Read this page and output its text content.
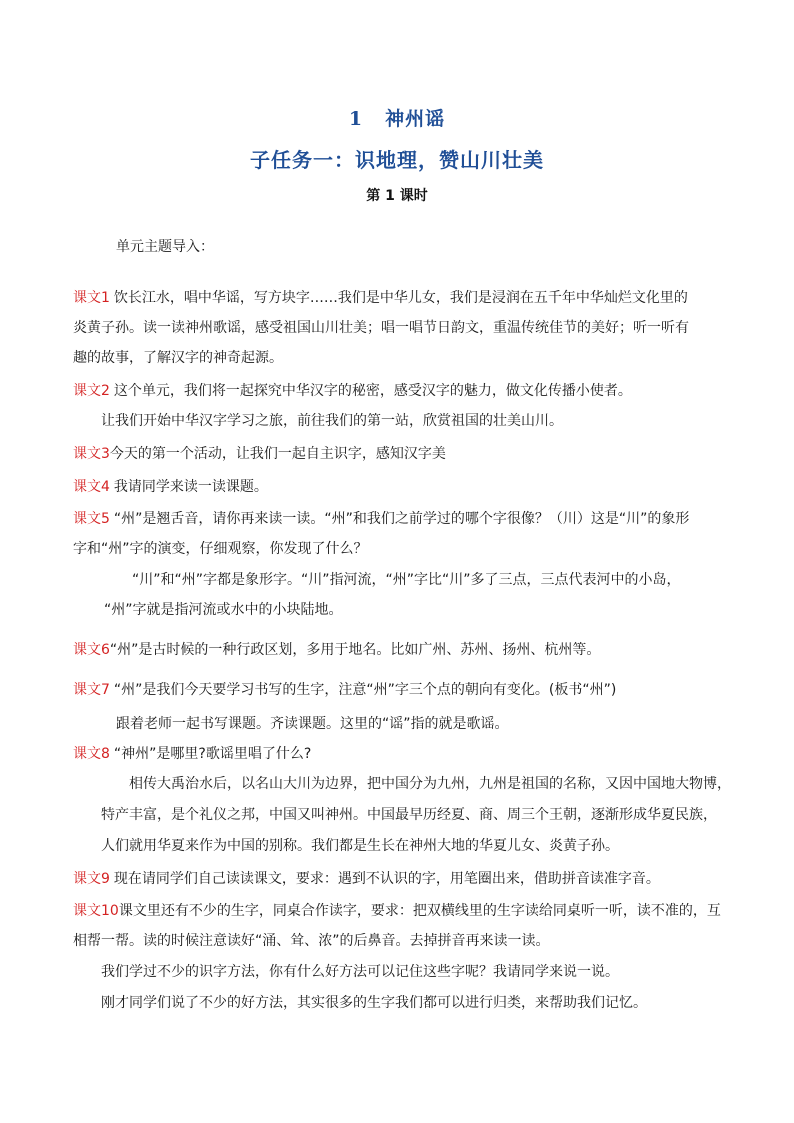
1 神州谣
子任务一：识地理，赞山川壮美
第 1 课时
单元主题导入：
课文1 饮长江水，唱中华谣，写方块字……我们是中华儿女，我们是浸润在五千年中华灿烂文化里的
炎黄子孙。读一读神州歌谣，感受祖国山川壮美；唱一唱节日韵文，重温传统佳节的美好；听一听有
趣的故事，了解汉字的神奇起源。
课文2 这个单元，我们将一起探究中华汉字的秘密，感受汉字的魅力，做文化传播小使者。
让我们开始中华汉字学习之旅，前往我们的第一站，欣赏祖国的壮美山川。
课文3今天的第一个活动，让我们一起自主识字，感知汉字美
课文4 我请同学来读一读课题。
课文5 “州”是翘舌音，请你再来读一读。“州”和我们之前学过的哪个字很像？（川）这是“川”的象形
字和“州”字的演变，仔细观察，你发现了什么？
“川”和“州”字都是象形字。“川”指河流，“州”字比“川”多了三点，三点代表河中的小岛，
“州”字就是指河流或水中的小块陆地。
课文6“州”是古时候的一种行政区划，多用于地名。比如广州、苏州、扬州、杭州等。
课文7 “州”是我们今天要学习书写的生字，注意“州”字三个点的朝向有变化。(板书“州”)
跟着老师一起书写课题。齐读课题。这里的“谣”指的就是歌谣。
课文8 “神州”是哪里?歌谣里唱了什么?
相传大禹治水后，以名山大川为边界，把中国分为九州，九州是祖国的名称，又因中国地大物博，
特产丰富，是个礼仪之邦，中国又叫神州。中国最早历经夏、商、周三个王朝，逐渐形成华夏民族，
人们就用华夏来作为中国的别称。我们都是生长在神州大地的华夏儿女、炎黄子孙。
课文9 现在请同学们自己读读课文，要求：遇到不认识的字，用笔圈出来，借助拼音读准字音。
课文10课文里还有不少的生字，同桌合作读字，要求：把双横线里的生字读给同桌听一听，读不准的，互
相帮一帮。读的时候注意读好“涌、耸、浓”的后鼻音。去掉拼音再来读一读。
我们学过不少的识字方法，你有什么好方法可以记住这些字呢？我请同学来说一说。
刚才同学们说了不少的好方法，其实很多的生字我们都可以进行归类，来帮助我们记忆。
